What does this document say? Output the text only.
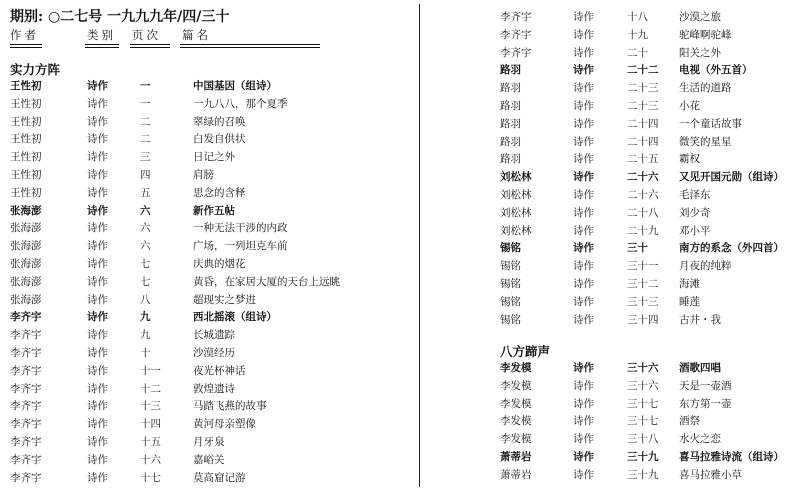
期别: ○二七号 一九九九年/四/三十
作者	类别 页次 篇名
实力方阵
王性初	诗作	一	中国基因（组诗）
王性初	诗作	一	一九八八，那个夏季
王性初	诗作	二	翠绿的召唤
王性初	诗作	二	白发自供状
王性初	诗作	三	日记之外
王性初	诗作	四	肩膀
王性初	诗作	五	思念的含释
张海澎	诗作	六	新作五帖
张海澎	诗作	六	一种无法干涉的内政
张海澎	诗作	六	广场，一列坦克车前
张海澎	诗作	七	庆典的烟花
张海澎	诗作	七	黄昏，在家居大厦的天台上远眺
张海澎	诗作	八	超现实之梦进
李齐宇	诗作	九	西北摇滚（组诗）
李齐宇	诗作	九	长城遗踪
李齐宇	诗作	十	沙漠经历
李齐宇	诗作	十一	夜光杯神话
李齐宇	诗作	十二	敦煌遗诗
李齐宇	诗作	十三	马踏飞燕的故事
李齐宇	诗作	十四	黄河母亲塑像
李齐宇	诗作	十五	月牙泉
李齐宇	诗作	十六	嘉峪关
李齐宇	诗作	十七	莫高窟记游
李齐宇	诗作	十八	沙漠之旅
李齐宇	诗作	十九	驼峰啊驼峰
李齐宇	诗作	二十	阳关之外
路羽	诗作	二十二 电视（外五首）
路羽	诗作	二十三 生活的道路
路羽	诗作	二十三 小花
路羽	诗作	二十四 一个童话故事
路羽	诗作	二十四 微笑的星星
路羽	诗作	二十五 霸权
刘松林	诗作	二十六 又见开国元勋（组诗）
刘松林	诗作	二十六 毛泽东
刘松林	诗作	二十八 刘少奇
刘松林	诗作	二十九 邓小平
锡铭	诗作	三十	南方的系念（外四首）
锡铭	诗作	三十一 月夜的纯粹
锡铭	诗作	三十二 海滩
锡铭	诗作	三十三 睡莲
锡铭	诗作	三十四 古井・我
八方蹄声
李发模	诗作	三十六 酒歌四唱
李发模	诗作	三十六 天是一壶酒
李发模	诗作	三十七 东方第一壶
李发模	诗作	三十七 酒祭
李发模	诗作	三十八 水火之恋
萧蒂岩	诗作	三十九 喜马拉雅诗流（组诗）
萧蒂岩	诗作	三十九 喜马拉雅小草
